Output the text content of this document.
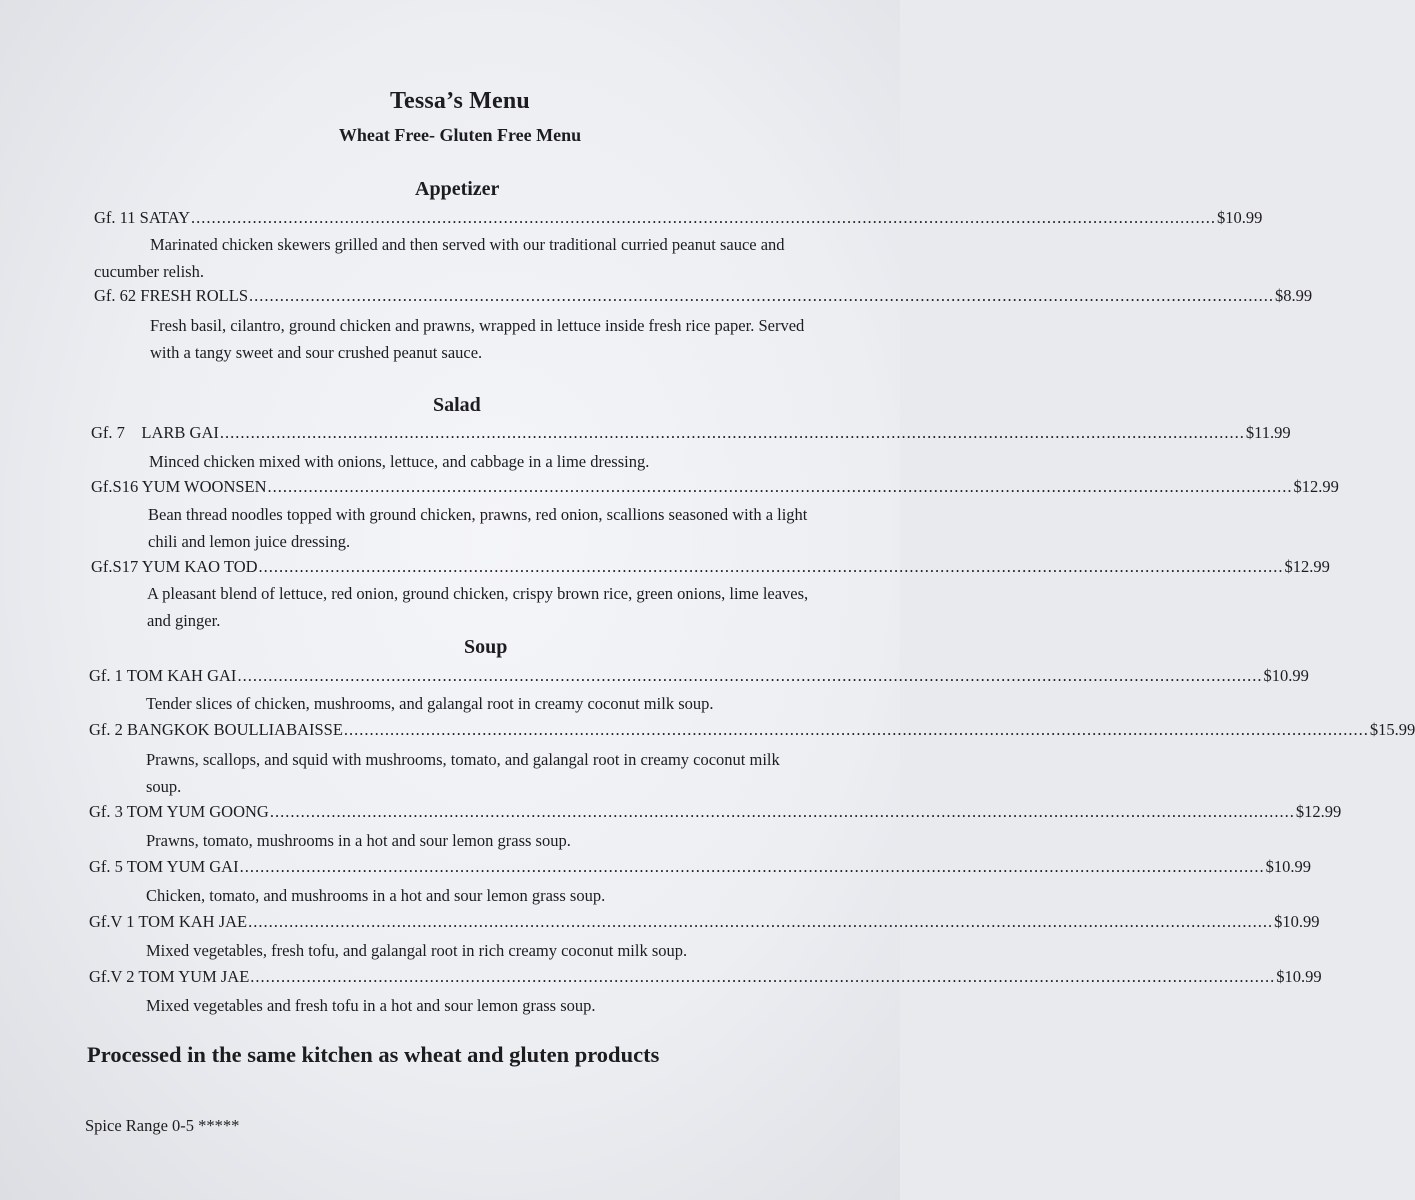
Tessa’s Menu
Wheat Free- Gluten Free Menu
Appetizer
Gf. 11 SATAY ........................................................................................................................................................................................................ $10.99
Marinated chicken skewers grilled and then served with our traditional curried peanut sauce and cucumber relish.
Gf. 62 FRESH ROLLS ........................................................................................................................................................................................................ $8.99
Fresh basil, cilantro, ground chicken and prawns, wrapped in lettuce inside fresh rice paper. Served with a tangy sweet and sour crushed peanut sauce.
Salad
Gf. 7    LARB GAI ........................................................................................................................................................................................................ $11.99
Minced chicken mixed with onions, lettuce, and cabbage in a lime dressing.
Gf.S16 YUM WOONSEN ........................................................................................................................................................................................................ $12.99
Bean thread noodles topped with ground chicken, prawns, red onion, scallions seasoned with a light chili and lemon juice dressing.
Gf.S17 YUM KAO TOD ........................................................................................................................................................................................................ $12.99
A pleasant blend of lettuce, red onion, ground chicken, crispy brown rice, green onions, lime leaves, and ginger.
Soup
Gf. 1 TOM KAH GAI ........................................................................................................................................................................................................ $10.99
Tender slices of chicken, mushrooms, and galangal root in creamy coconut milk soup.
Gf. 2 BANGKOK BOULLIABAISSE ........................................................................................................................................................................................................ $15.99
Prawns, scallops, and squid with mushrooms, tomato, and galangal root in creamy coconut milk soup.
Gf. 3 TOM YUM GOONG ........................................................................................................................................................................................................ $12.99
Prawns, tomato, mushrooms in a hot and sour lemon grass soup.
Gf. 5 TOM YUM GAI ........................................................................................................................................................................................................ $10.99
Chicken, tomato, and mushrooms in a hot and sour lemon grass soup.
Gf.V 1 TOM KAH JAE ........................................................................................................................................................................................................ $10.99
Mixed vegetables, fresh tofu, and galangal root in rich creamy coconut milk soup.
Gf.V 2 TOM YUM JAE ........................................................................................................................................................................................................ $10.99
Mixed vegetables and fresh tofu in a hot and sour lemon grass soup.
Processed in the same kitchen as wheat and gluten products
Spice Range 0-5 *****
